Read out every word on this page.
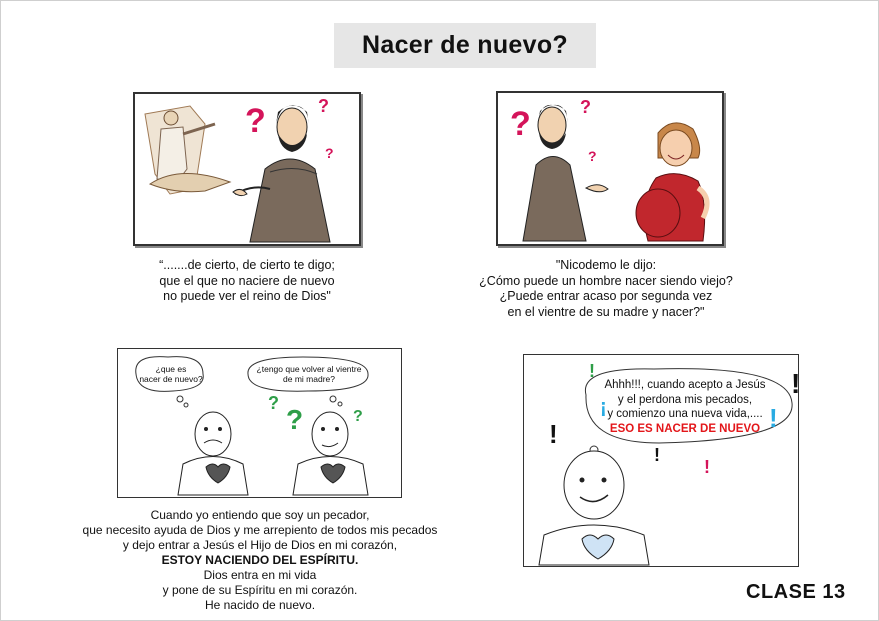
Nacer de nuevo?
?	?
?
“.......de cierto, de cierto te digo;
que el que no naciere de nuevo
no puede ver el reino de Dios"
?	?
?
"Nicodemo le dijo:
¿Cómo puede un hombre nacer siendo viejo?
¿Puede entrar acaso por segunda vez
en el vientre de su madre y nacer?"
?
?	?
¿que es
nacer de nuevo?
¿tengo que volver al vientre
de mi madre?
Cuando yo entiendo que soy un pecador,
que necesito ayuda de Dios y me arrepiento de todos mis pecados
y dejo entrar a Jesús el Hijo de Dios en mi corazón,
ESTOY NACIENDO DEL ESPÍRITU.
Dios entra en mi vida
y pone de su Espíritu en mi corazón.
He nacido de nuevo.
!
¡
!
!
!
!
!
Ahhh!!!, cuando acepto a Jesús
y el perdona mis pecados,
y comienzo una nueva vida,....
ESO ES NACER DE NUEVO
CLASE 13
